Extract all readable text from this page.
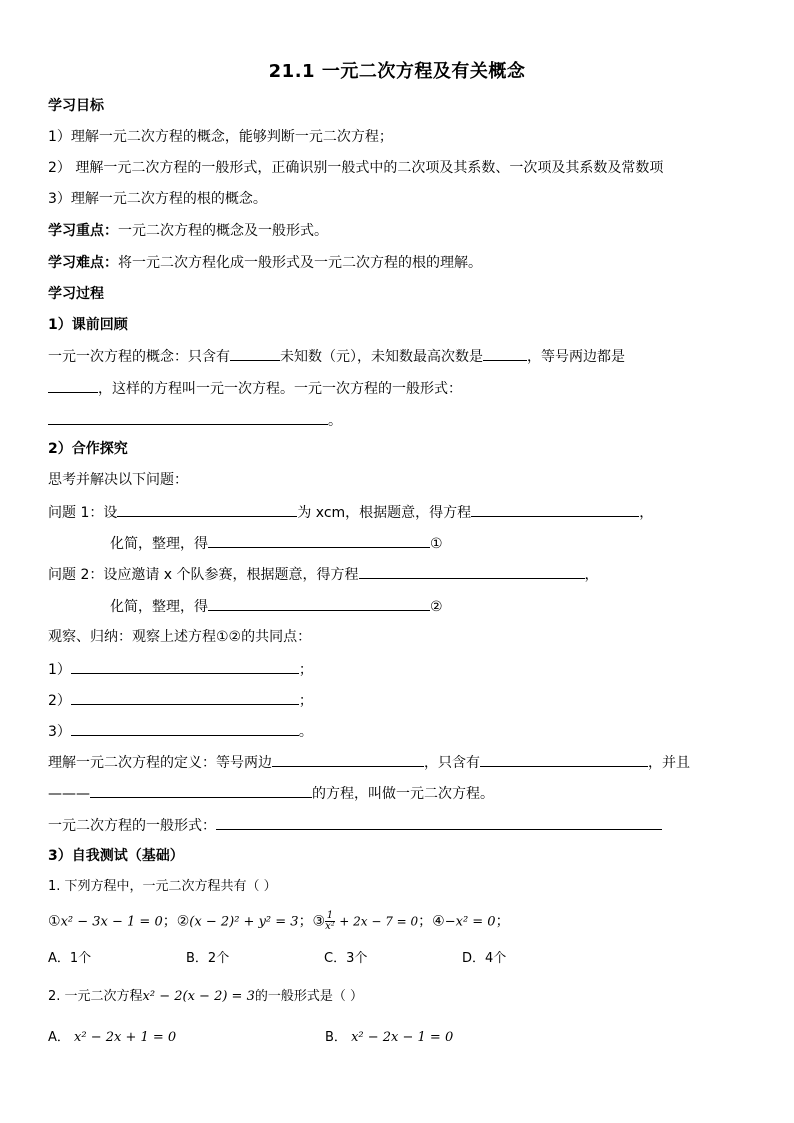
21.1 一元二次方程及有关概念
学习目标
1）理解一元二次方程的概念，能够判断一元二次方程；
2） 理解一元二次方程的一般形式，正确识别一般式中的二次项及其系数、一次项及其系数及常数项
3）理解一元二次方程的根的概念。
学习重点：一元二次方程的概念及一般形式。
学习难点：将一元二次方程化成一般形式及一元二次方程的根的理解。
学习过程
1）课前回顾
一元一次方程的概念：只含有	未知数（元），未知数最高次数是	，等号两边都是
，这样的方程叫一元一次方程。一元一次方程的一般形式：
。
2）合作探究
思考并解决以下问题：
问题 1：设	为 xcm，根据题意，得方程	，
化简，整理，得	①
问题 2：设应邀请 x 个队参赛，根据题意，得方程	，
化简，整理，得	②
观察、归纳：观察上述方程①②的共同点：
1）	；
2）	；
3）	。
理解一元二次方程的定义：等号两边	，只含有	，并且
———	的方程，叫做一元二次方程。
一元二次方程的一般形式：
3）自我测试（基础）
1. 下列方程中，一元二次方程共有（ ）
①x² − 3x − 1 = 0；②(x − 2)² + y² = 3；③ $\frac{1}{\text{x²}} + 2x - 7 = 0$；④−x² = 0；
A．1个	B．2个	C．3个	D．4个
2. 一元二次方程x² − 2(x − 2) = 3的一般形式是（ ）
A． x² − 2x + 1 = 0	B． x² − 2x − 1 = 0
